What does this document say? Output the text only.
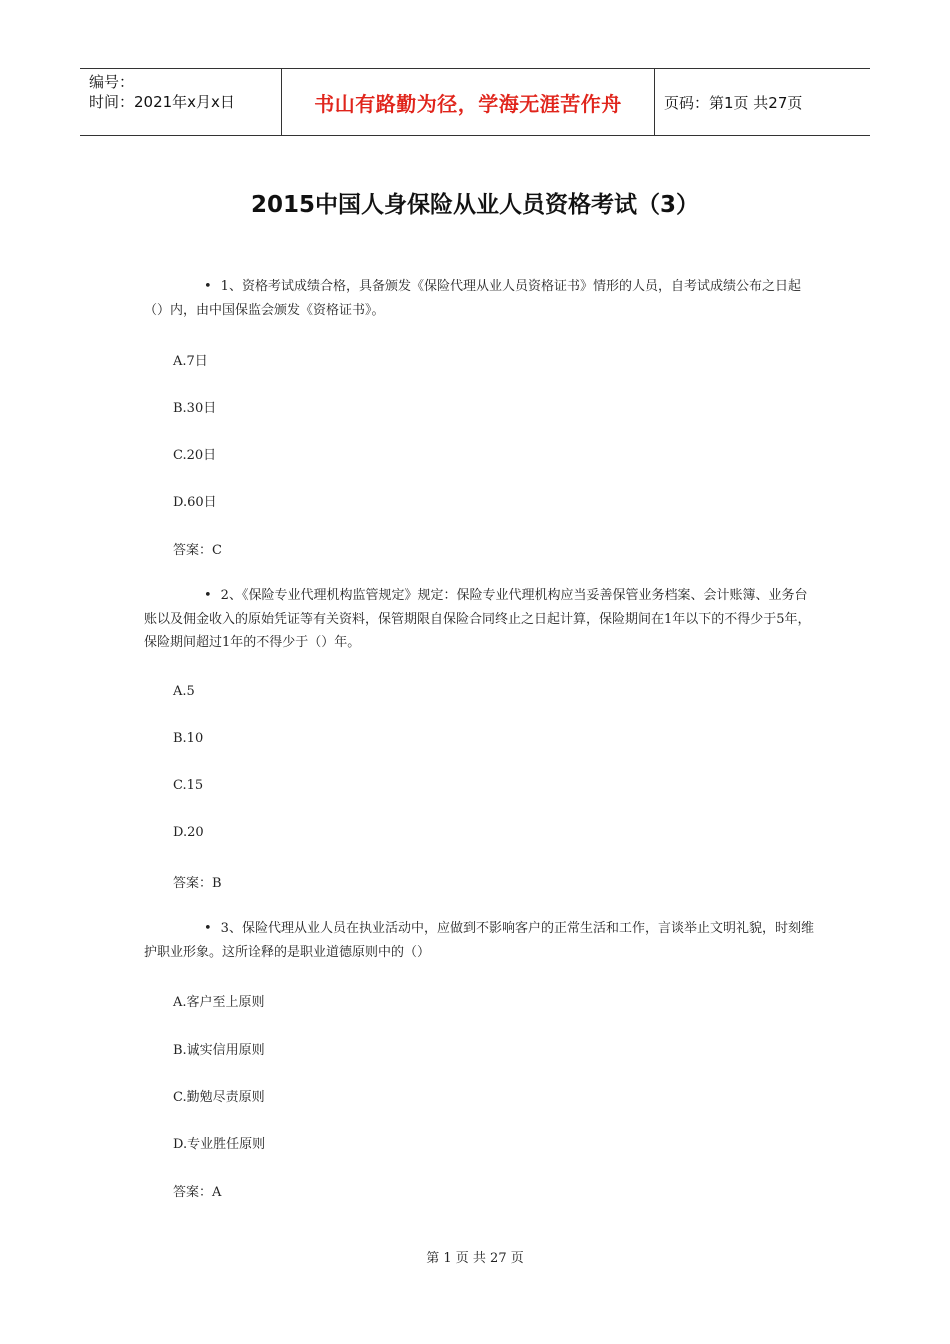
编号：
时间：2021年x月x日	书山有路勤为径，学海无涯苦作舟	页码：第1页 共27页
2015中国人身保险从业人员资格考试（3）
• 1、资格考试成绩合格，具备颁发《保险代理从业人员资格证书》情形的人员，自考试成绩公布之日起（）内，由中国保监会颁发《资格证书》。
A.7日
B.30日
C.20日
D.60日
答案：C
• 2、《保险专业代理机构监管规定》规定：保险专业代理机构应当妥善保管业务档案、会计账簿、业务台账以及佣金收入的原始凭证等有关资料，保管期限自保险合同终止之日起计算，保险期间在1年以下的不得少于5年，保险期间超过1年的不得少于（）年。
A.5
B.10
C.15
D.20
答案：B
• 3、保险代理从业人员在执业活动中，应做到不影响客户的正常生活和工作，言谈举止文明礼貌，时刻维护职业形象。这所诠释的是职业道德原则中的（）
A.客户至上原则
B.诚实信用原则
C.勤勉尽责原则
D.专业胜任原则
答案：A
第 1 页 共 27 页
